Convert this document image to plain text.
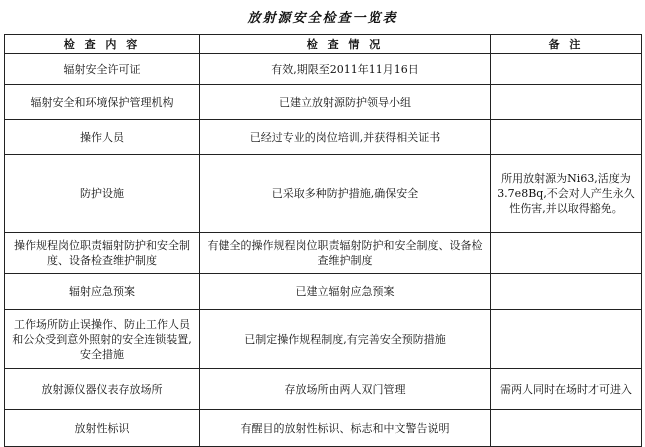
放射源安全检查一览表
检 查 内 容	检 查 情 况	备 注
辐射安全许可证	有效,期限至2011年11月16日	
辐射安全和环境保护管理机构	已建立放射源防护领导小组	
操作人员	已经过专业的岗位培训,并获得相关证书	
防护设施	已采取多种防护措施,确保安全	所用放射源为Ni63,活度为3.7e8Bq,不会对人产生永久性伤害,并以取得豁免。
操作规程岗位职责辐射防护和安全制度、设备检查维护制度	有健全的操作规程岗位职责辐射防护和安全制度、设备检查维护制度	
辐射应急预案	已建立辐射应急预案	
工作场所防止误操作、防止工作人员和公众受到意外照射的安全连锁装置,安全措施	已制定操作规程制度,有完善安全预防措施	
放射源仪器仪表存放场所	存放场所由两人双门管理	需两人同时在场时才可进入
放射性标识	有醒目的放射性标识、标志和中文警告说明	
